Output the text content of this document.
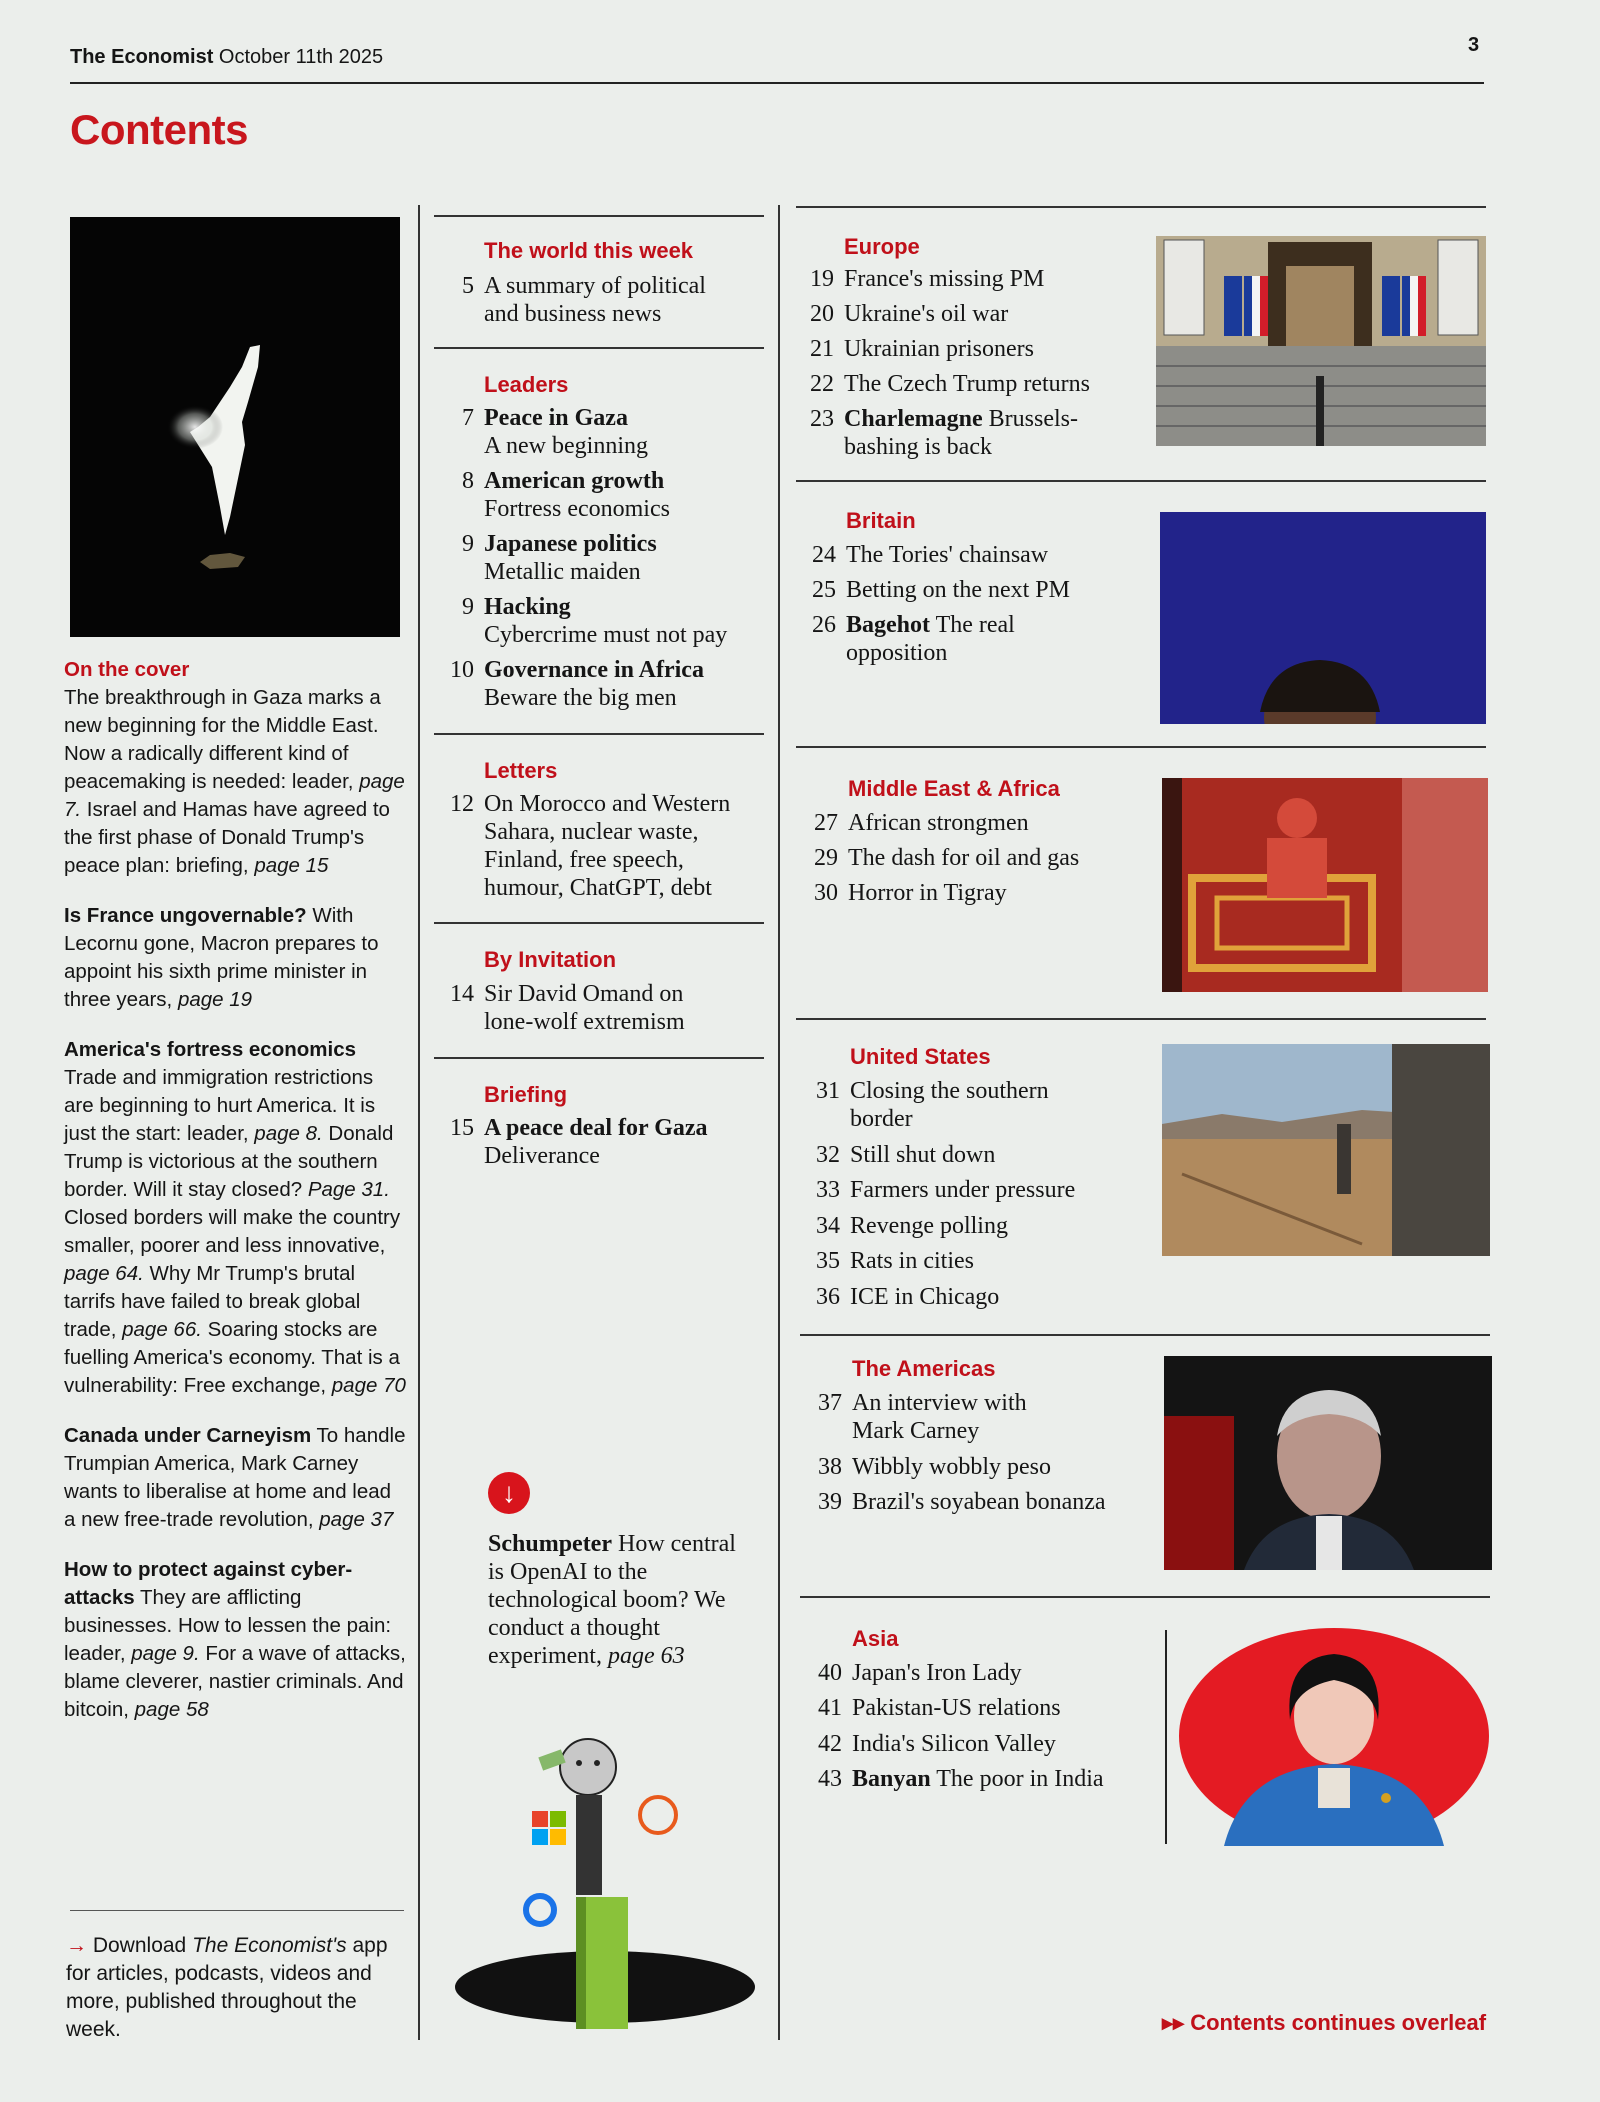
The Economist October 11th 2025
3
Contents
On the cover
The breakthrough in Gaza marks a new beginning for the Middle East. Now a radically different kind of peacemaking is needed: leader, page 7. Israel and Hamas have agreed to the first phase of Donald Trump's peace plan: briefing, page 15
Is France ungovernable? With Lecornu gone, Macron prepares to appoint his sixth prime minister in three years, page 19
America's fortress economics
Trade and immigration restrictions are beginning to hurt America. It is just the start: leader, page 8. Donald Trump is victorious at the southern border. Will it stay closed? Page 31. Closed borders will make the country smaller, poorer and less innovative, page 64. Why Mr Trump's brutal tarrifs have failed to break global trade, page 66. Soaring stocks are fuelling America's economy. That is a vulnerability: Free exchange, page 70
Canada under Carneyism To handle Trumpian America, Mark Carney wants to liberalise at home and lead a new free-trade revolution, page 37
How to protect against cyber-attacks They are afflicting businesses. How to lessen the pain: leader, page 9. For a wave of attacks, blame cleverer, nastier criminals. And bitcoin, page 58
→ Download The Economist's app for articles, podcasts, videos and more, published throughout the week.
The world this week
5 A summary of political
and business news
Leaders
7 Peace in Gaza
A new beginning
8 American growth
Fortress economics
9 Japanese politics
Metallic maiden
9 Hacking
Cybercrime must not pay
10 Governance in Africa
Beware the big men
Letters
12 On Morocco and Western
Sahara, nuclear waste,
Finland, free speech,
humour, ChatGPT, debt
By Invitation
14 Sir David Omand on
lone-wolf extremism
Briefing
15 A peace deal for Gaza
Deliverance
↓
Schumpeter How central is OpenAI to the technological boom? We conduct a thought experiment, page 63
Europe
19 France's missing PM
20 Ukraine's oil war
21 Ukrainian prisoners
22 The Czech Trump returns
23 Charlemagne Brussels-
bashing is back
Britain
24 The Tories' chainsaw
25 Betting on the next PM
26 Bagehot The real
opposition
Middle East & Africa
27 African strongmen
29 The dash for oil and gas
30 Horror in Tigray
United States
31 Closing the southern
border
32 Still shut down
33 Farmers under pressure
34 Revenge polling
35 Rats in cities
36 ICE in Chicago
The Americas
37 An interview with
Mark Carney
38 Wibbly wobbly peso
39 Brazil's soyabean bonanza
Asia
40 Japan's Iron Lady
41 Pakistan-US relations
42 India's Silicon Valley
43 Banyan The poor in India
▸▸ Contents continues overleaf
